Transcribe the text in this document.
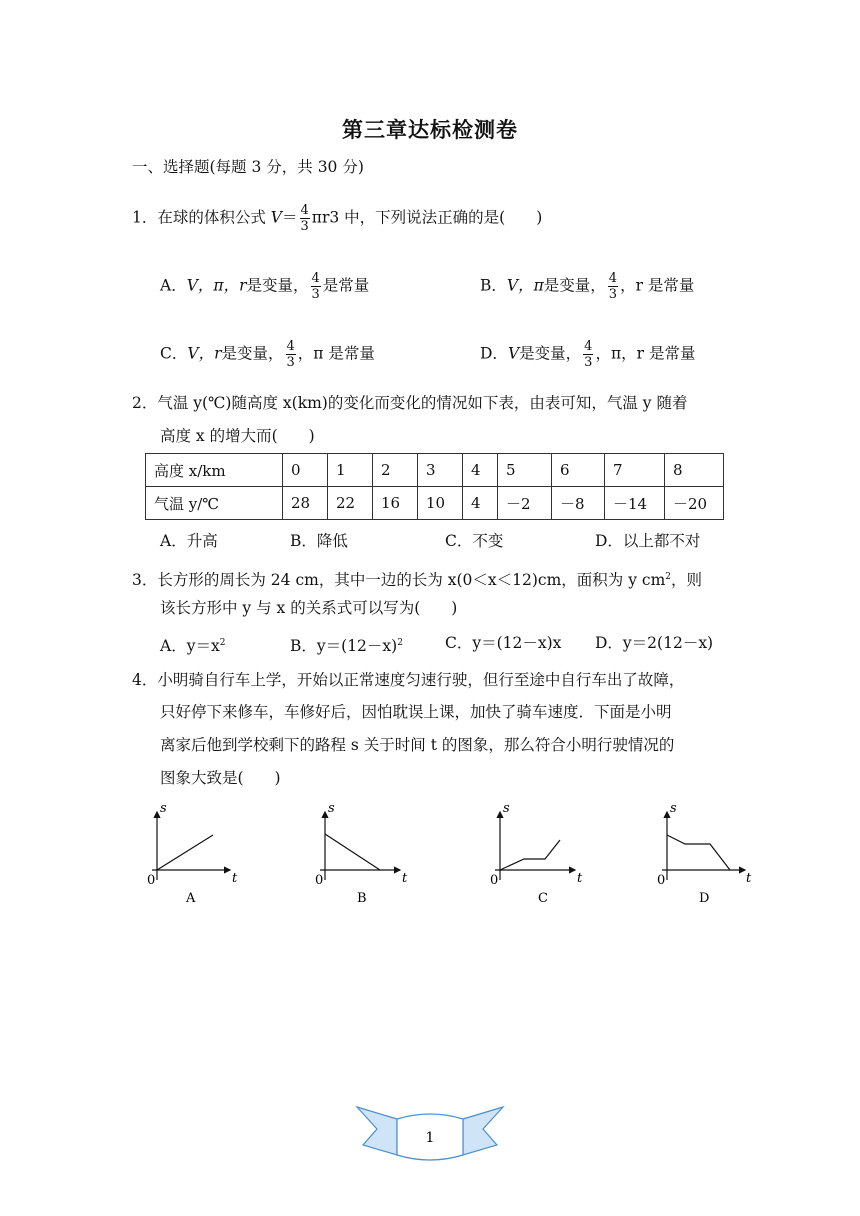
第三章达标检测卷
一、选择题(每题 3 分，共 30 分)
1．在球的体积公式 $V= \frac{4}{3} \pi r3$ 中，下列说法正确的是(　　)
A．V，π，r是变量， $\frac{4}{3}$ 是常量	B．V，π是变量， $\frac{4}{3}$ ，r 是常量
C．V，r是变量， $\frac{4}{3}$ ，π 是常量	D．V是变量， $\frac{4}{3}$ ，π，r 是常量
2．气温 y(℃)随高度 x(km)的变化而变化的情况如下表，由表可知，气温 y 随着
高度 x 的增大而(　　)
高度 x/km	0	1	2	3	4	5	6	7	8
气温 y/℃	28	22	16	10	4	－2	－8	－14	－20
A．升高	B．降低	C．不变	D．以上都不对
3．长方形的周长为 24 cm，其中一边的长为 x(0＜x＜12)cm，面积为 y $cm^2$，则
该长方形中 y 与 x 的关系式可以写为(　　)
A．$y=x^2$	B．$y=(12-x)^2$	C．y＝(12－x)x D．y＝2(12－x)
4．小明骑自行车上学，开始以正常速度匀速行驶，但行至途中自行车出了故障，
只好停下来修车，车修好后，因怕耽误上课，加快了骑车速度．下面是小明
离家后他到学校剩下的路程 s 关于时间 t 的图象，那么符合小明行驶情况的
图象大致是(　　)
s
t
0
A
s
t
0
B
s
t
0
C
s
t
0
D
1
